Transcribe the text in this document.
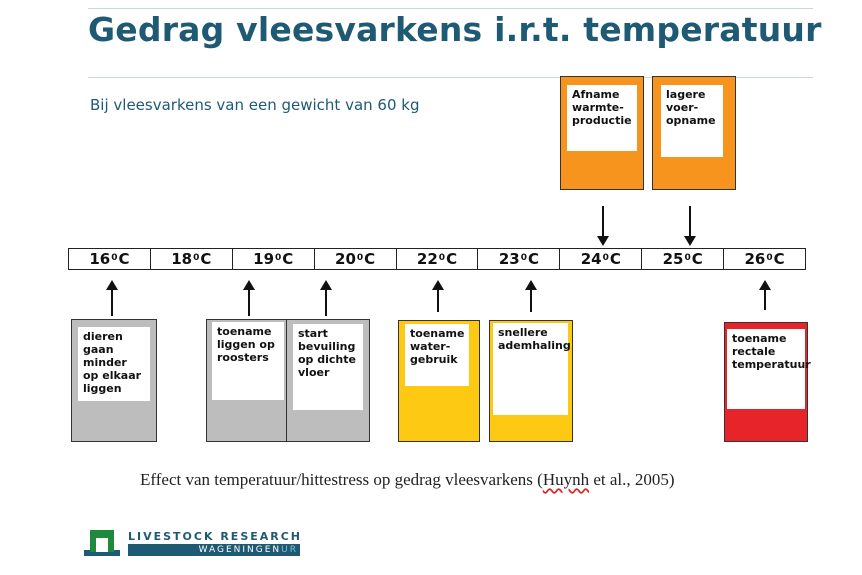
Gedrag vleesvarkens i.r.t. temperatuur
Bij vleesvarkens van een gewicht van 60 kg
Afname warmte-productie
lagere voer-opname
$16^0$ C	$18^0$ C	$19^0$ C	$20^0$ C	$22^0$ C	$23^0$ C	$24^0$ C	$25^0$ C	$26^0$ C
dieren gaan minder op elkaar liggen
toename liggen op roosters
start bevuiling op dichte vloer
toename water-gebruik
snellere ademhaling
toename rectale temperatuur
Effect van temperatuur/hittestress op gedrag vleesvarkens (Huynh et al., 2005)
LIVESTOCK RESEARCH
WAGENINGENUR
